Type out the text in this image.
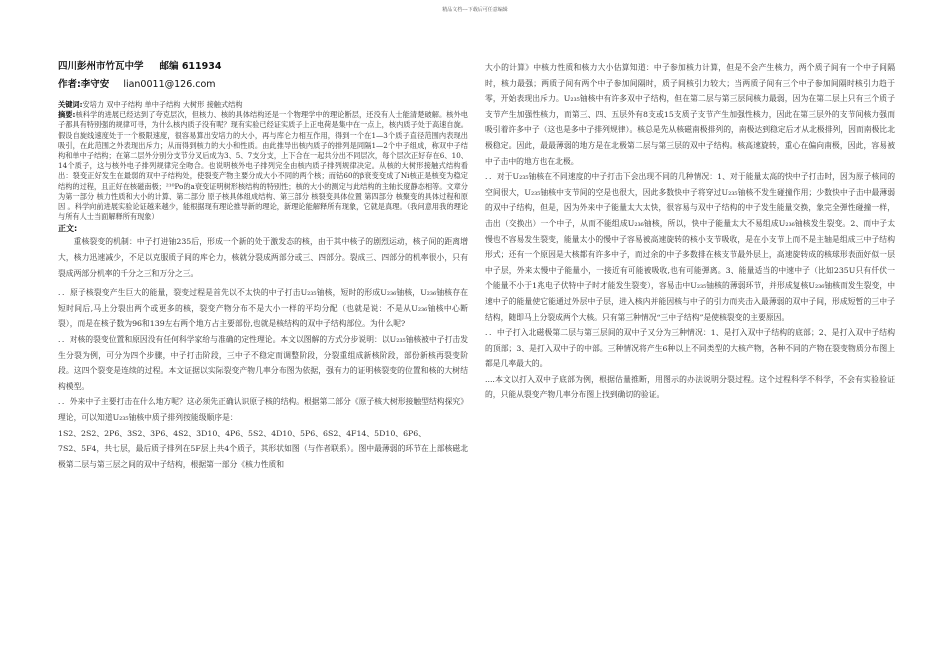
精品文档---下载后可任意编辑
四川彭州市竹瓦中学 邮编 611934
作者:李守安 lian0011@126.com

关键词:安培力 双中子结构 单中子结构 大树形 接触式结构

摘要:核科学的进展已经达到了夸克层次，但核力、核的具体结构还是一个物理学中的理论断层，还没有人士能清楚破解。核外电子都具有特别强的规律可寻，为什么核内质子没有呢？现有实验已经证实质子上正电荷是集中在一点上，核内质子处于高速自旋。假设自旋线速度处于一个极限速度，很容易算出安培力的大小，再与库仑力相互作用，得到一个在1—3个质子直径范围内表现出吸引，在此范围之外表现出斥力；从而得到核力的大小和性质。由此推导出核内质子的排列是同隔1—2个中子组成，称双中子结构和单中子结构；在第二层外分别分支节分叉后成为3、5、7支分支，上下合在一起共分出不同层次，每个层次正好存在6、10、14个质子，这与核外电子排列规律完全吻合。也说明核外电子排列完全由核内质子排列规律决定。从核的大树形接触式结构看出：裂变正好发生在最弱的双中子结构处，使裂变产物主要分成大小不同的两个核；而钴60的β衰变变成了Ni核正是核变为稳定结构的过程，且正好在核磁南极；²¹⁰Po的a衰变证明树形核结构的特别性；核的大小的测定与此结构的主轴长度静态相等。文章分为第一部分 核力性质和大小的计算、第二部分 原子核具体组成结构、第三部分 核裂变具体位置 第四部分 核聚变的具体过程和原因 。科学向前进展实验论证越来越少，能根据现有理论推导新的理论，新理论能解释所有现象，它就是真理。（我问意用我的理论与所有人士当面解释所有现象）

正文:

重核裂变的机制：中子打进铀235后，形成一个新的处于激发态的核，由于其中核子的剧烈运动，核子间的距离增大，核力迅速减少，不足以克服质子间的库仑力，核就分裂成两部分或三、四部分。裂成三、四部分的机率很小，只有裂成两部分机率的千分之三和万分之三。

．．原子核裂变产生巨大的能量，裂变过程是首先以不太快的中子打击U₂₃₅铀核，短时的形成U₂₃₆铀核，U₂₃₆铀核存在短时间后,马上分裂出两个或更多的核，裂变产物分布不是大小一样的平均分配（也就是说：不是从U₂₃₆铀核中心断裂），而是在核子数为96和139左右两个地方占主要部份,也就是核结构的双中子结构部位。为什么呢?

．．对核的裂变位置和原因没有任何科学家给与准确的定性理论。本文以图解的方式分步说明：以U₂₃₅铀核被中子打击发生分裂为例，可分为四个步骤，中子打击阶段，三中子不稳定而调整阶段，分裂重组成新核阶段，部份新核再裂变阶段。这四个裂变是连续的过程。本文证据以实际裂变产物几率分布图为依据，强有力的证明核裂变的位置和核的大树结构模型。

．．外来中子主要打击在什么地方呢？这必须先正确认识原子核的结构。根据第二部分《原子核大树形接触型结构探究》理论，可以知道U₂₃₅铀核中质子排列按能级顺序是：

1S2、2S2、2P6、3S2、3P6、4S2、3D10、4P6、5S2、4D10、5P6、6S2、4F14、5D10、6P6、

7S2、5F4，共七层，最后质子排列在5F层上共4个质子，其形状如图（与作者联系）。图中最薄弱的环节在上部核磁北极第二层与第三层之间的双中子结构，根据第一部分《核力性质和

大小的计算》中核力性质和核力大小估算知道：中子参加核力计算，但是不会产生核力，两个质子间有一个中子间隔时，核力最强；两质子间有两个中子参加间隔时，质子间核引力较大；当两质子间有三个中子参加间隔时核引力趋于零，开始表现出斥力。U₂₃₅铀核中有许多双中子结构，但在第二层与第三层间核力最弱，因为在第二层上只有三个质子支节产生加强性核力，而第三、四、五层外有8支或15支质子支节产生加强性核力，因此在第三层外的支节间核力强而吸引着许多中子（这也是多中子排列规律）。核总是先从核磁南极排列的，南极达到稳定后才从北极排列，因而南极比北极稳定。因此，最最薄弱的地方是在北极第二层与第三层的双中子结构。核高速旋转，重心在偏向南极，因此，容易被中子击中的地方也在北极。

．．对于U₂₃₅铀核在不同速度的中子打击下会出现不同的几种情况：1、对于能量太高的快中子打击时，因为原子核同的空间很大，U₂₃₅铀核中支节间的空是也很大，因此多数快中子将穿过U₂₃₅铀核不发生碰撞作用；少数快中子击中最薄弱的双中子结构，但是，因为外来中子能量太大太快，很容易与双中子结构的中子发生能量交换，象完全弹性碰撞一样，击出（交换出）一个中子，从而不能组成U₂₃₆铀核，所以，快中子能量太大不易组成U₂₃₆铀核发生裂变。2、而中子太慢也不容易发生裂变，能量太小的慢中子容易被高速旋转的核小支节吸收，是在小支节上而不是主轴是组成三中子结构形式；还有一个原因是大核都有许多中子，而过余的中子多数排在核支节最外层上，高速旋转成的核球形表面好似一层中子层，外来太慢中子能量小，一接近有可能被吸收,也有可能弹离。3、能量适当的中速中子（比如235U只有仟伏一个能量不小于1兆电子伏特中子时才能发生裂变），容易击中U₂₃₅铀核的薄弱环节，并形成复核U₂₃₆铀核而发生裂变，中速中子的能量使它能通过外层中子层，进入核内并能因核与中子的引力而夹击入最薄弱的双中子间，形成短暂的三中子结构，随即马上分裂成两个大核。只有第三种情况“三中子结构”是使核裂变的主要原因。

．．中子打入北磁极第二层与第三层间的双中子又分为三种情况：1、是打入双中子结构的底部；2、是打入双中子结构的顶部；3、是打入双中子的中部。三种情况将产生6种以上不同类型的大核产物，各种不同的产物在裂变物质分布图上都是几率最大的。

....本文以打入双中子底部为例，根据估量推断，用图示的办法说明分裂过程。这个过程科学不科学，不会有实验验证的，只能从裂变产物几率分布图上找到确切的验证。
